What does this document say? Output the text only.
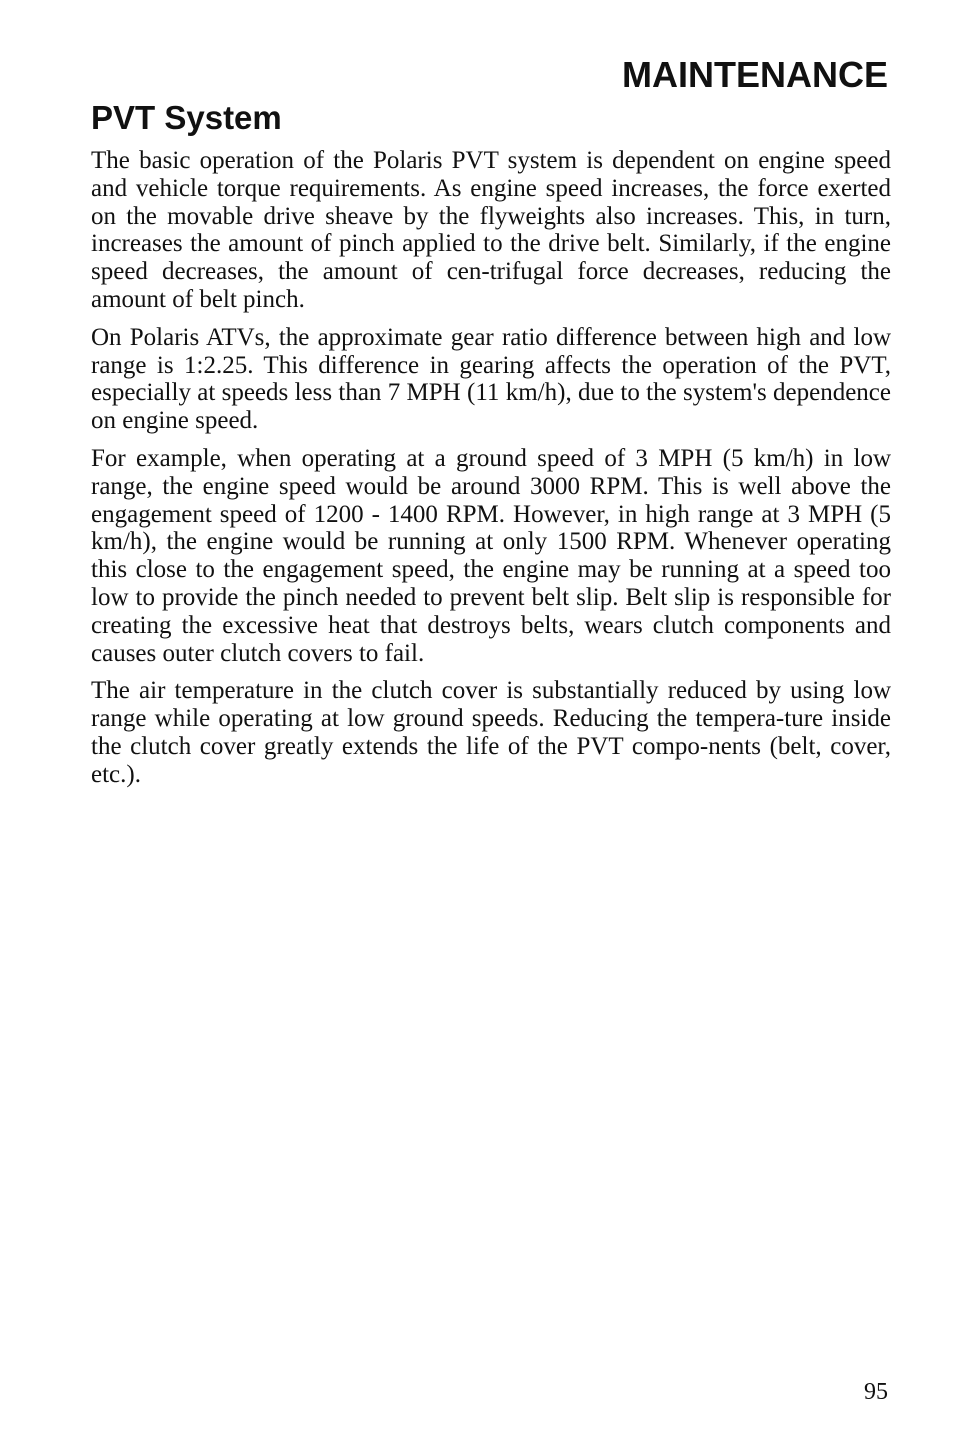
MAINTENANCE
PVT System

The basic operation of the Polaris PVT system is dependent on engine speed and vehicle torque requirements. As engine speed increases, the force exerted on the movable drive sheave by the flyweights also increases. This, in turn, increases the amount of pinch applied to the drive belt. Similarly, if the engine speed decreases, the amount of cen-trifugal force decreases, reducing the amount of belt pinch.

On Polaris ATVs, the approximate gear ratio difference between high and low range is 1:2.25. This difference in gearing affects the operation of the PVT, especially at speeds less than 7 MPH (11 km/h), due to the system's dependence on engine speed.

For example, when operating at a ground speed of 3 MPH (5 km/h) in low range, the engine speed would be around 3000 RPM. This is well above the engagement speed of 1200 - 1400 RPM. However, in high range at 3 MPH (5 km/h), the engine would be running at only 1500 RPM. Whenever operating this close to the engagement speed, the engine may be running at a speed too low to provide the pinch needed to prevent belt slip. Belt slip is responsible for creating the excessive heat that destroys belts, wears clutch components and causes outer clutch covers to fail.

The air temperature in the clutch cover is substantially reduced by using low range while operating at low ground speeds. Reducing the tempera-ture inside the clutch cover greatly extends the life of the PVT compo-nents (belt, cover, etc.).

95
